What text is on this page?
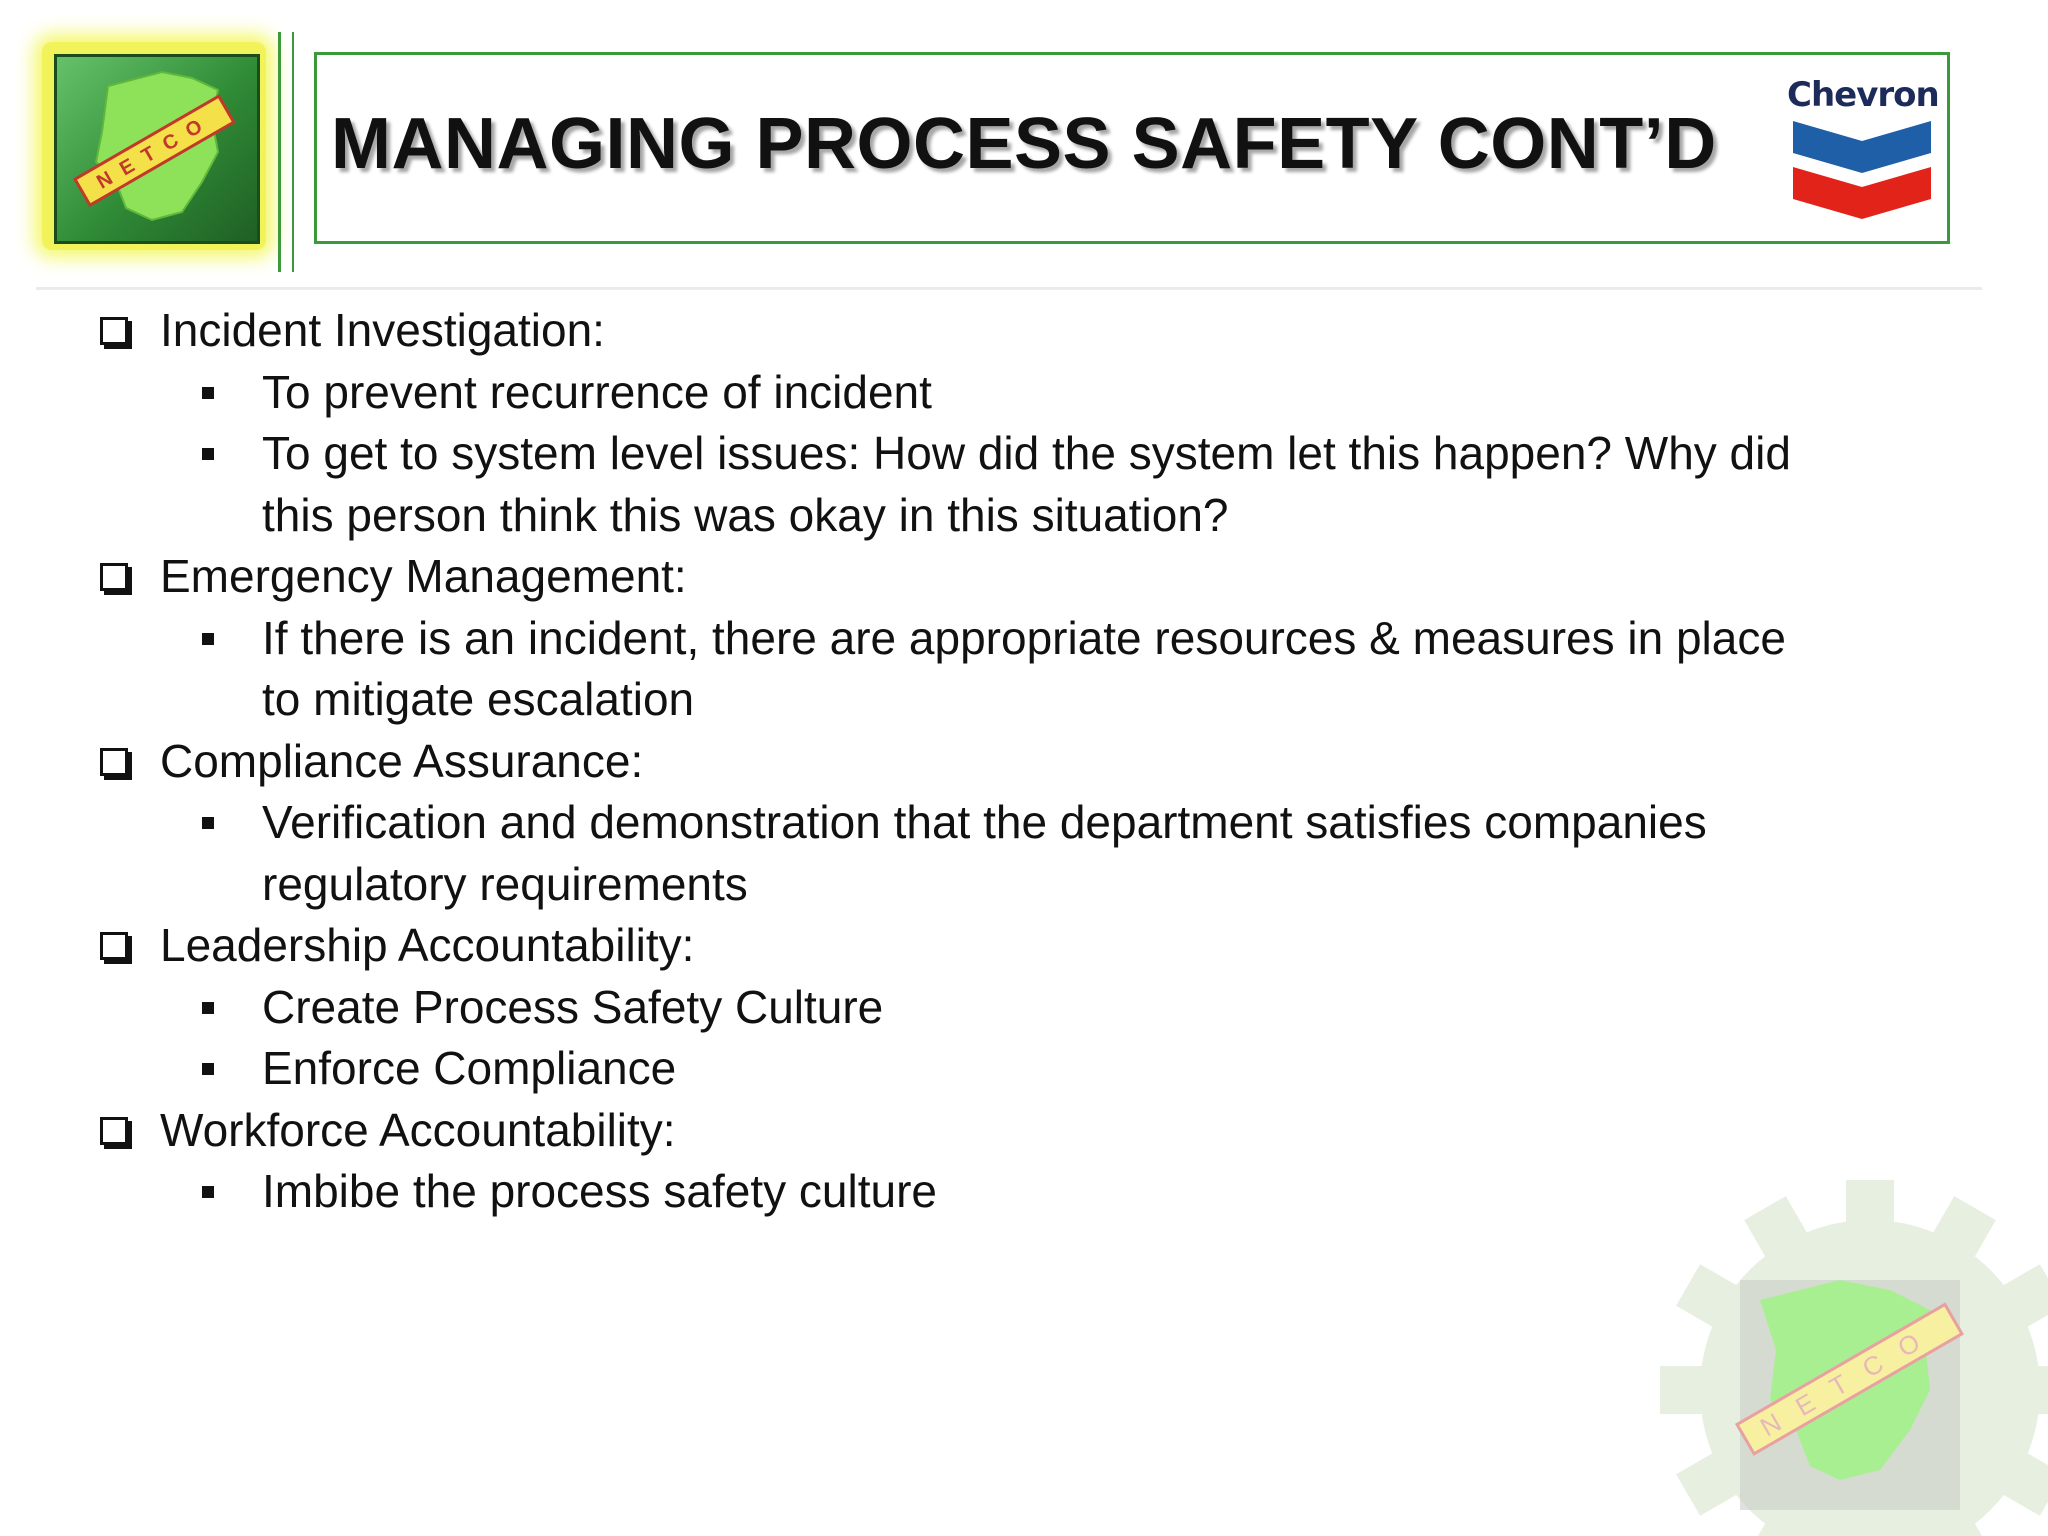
NETCO MANAGING PROCESS SAFETY CONT’D
Chevron
Incident Investigation:
To prevent recurrence of incident
To get to system level issues: How did the system let this happen? Why did this person think this was okay in this situation?
Emergency Management:
If there is an incident, there are appropriate resources & measures in place to mitigate escalation
Compliance Assurance:
Verification and demonstration that the department satisfies companies regulatory requirements
Leadership Accountability:
Create Process Safety Culture
Enforce Compliance
Workforce Accountability:
Imbibe the process safety culture
NETCO
